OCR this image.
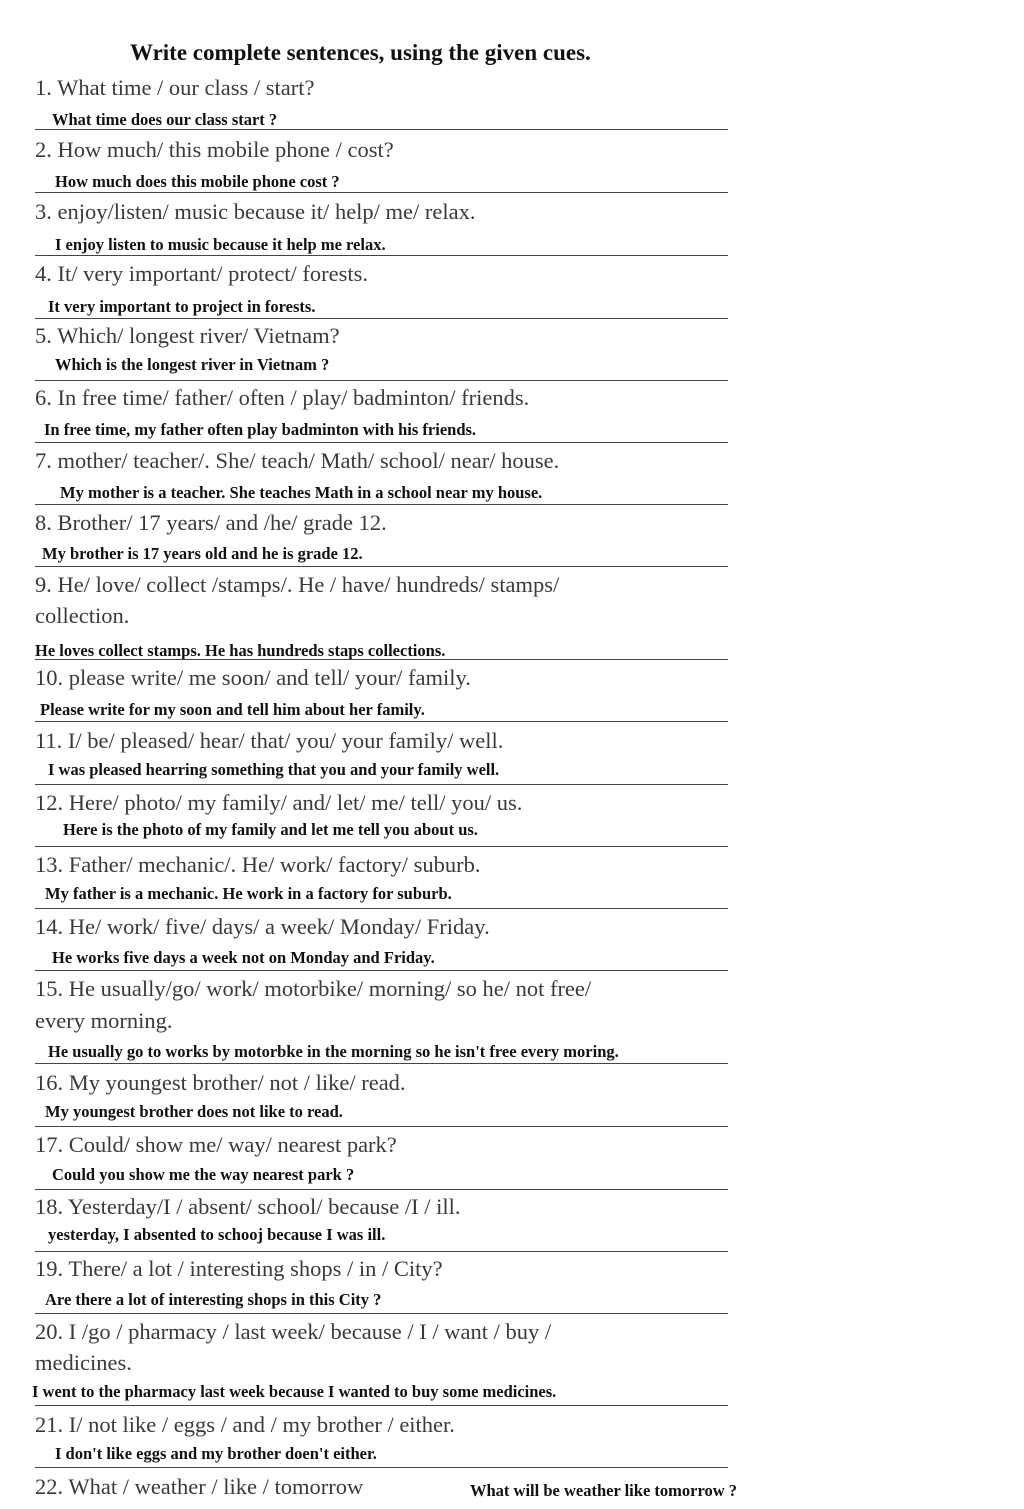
Write complete sentences, using the given cues.
1. What time / our class / start?
What time does our class start ?
2. How much/ this mobile phone / cost?
How much does this mobile phone cost ?
3. enjoy/listen/ music because it/ help/ me/ relax.
I enjoy listen to music because it help me relax.
4. It/ very important/ protect/ forests.
It very important to project in forests.
5. Which/ longest river/ Vietnam?
Which is the longest river in Vietnam ?
6. In free time/ father/ often / play/ badminton/ friends.
In free time, my father often play badminton with his friends.
7. mother/ teacher/. She/ teach/ Math/ school/ near/ house.
My mother is a teacher. She teaches Math in a school near my house.
8. Brother/ 17 years/ and /he/ grade 12.
My brother is 17 years old and he is grade 12.
9. He/ love/ collect /stamps/. He / have/ hundreds/ stamps/
collection.
He loves collect stamps. He has hundreds staps collections.
10. please write/ me soon/ and tell/ your/ family.
Please write for my soon and tell him about her family.
11. I/ be/ pleased/ hear/ that/ you/ your family/ well.
I was pleased hearring something that you and your family well.
12. Here/ photo/ my family/ and/ let/ me/ tell/ you/ us.
Here is the photo of my family and let me tell you about us.
13. Father/ mechanic/. He/ work/ factory/ suburb.
My father is a mechanic. He work in a factory for suburb.
14. He/ work/ five/ days/ a week/ Monday/ Friday.
He works five days a week not on Monday and Friday.
15. He usually/go/ work/ motorbike/ morning/ so he/ not free/
every morning.
He usually go to works by motorbke in the morning so he isn't free every moring.
16. My youngest brother/ not / like/ read.
My youngest brother does not like to read.
17. Could/ show me/ way/ nearest park?
Could you show me the way nearest park ?
18. Yesterday/I / absent/ school/ because /I / ill.
yesterday, I absented to schooj because I was ill.
19. There/ a lot / interesting shops / in / City?
Are there a lot of interesting shops in this City ?
20. I /go / pharmacy / last week/ because / I / want / buy /
medicines.
I went to the pharmacy last week because I wanted to buy some medicines.
21. I/ not like / eggs / and / my brother / either.
I don't like eggs and my brother doen't either.
22. What / weather / like / tomorrow	What will be weather like tomorrow ?
